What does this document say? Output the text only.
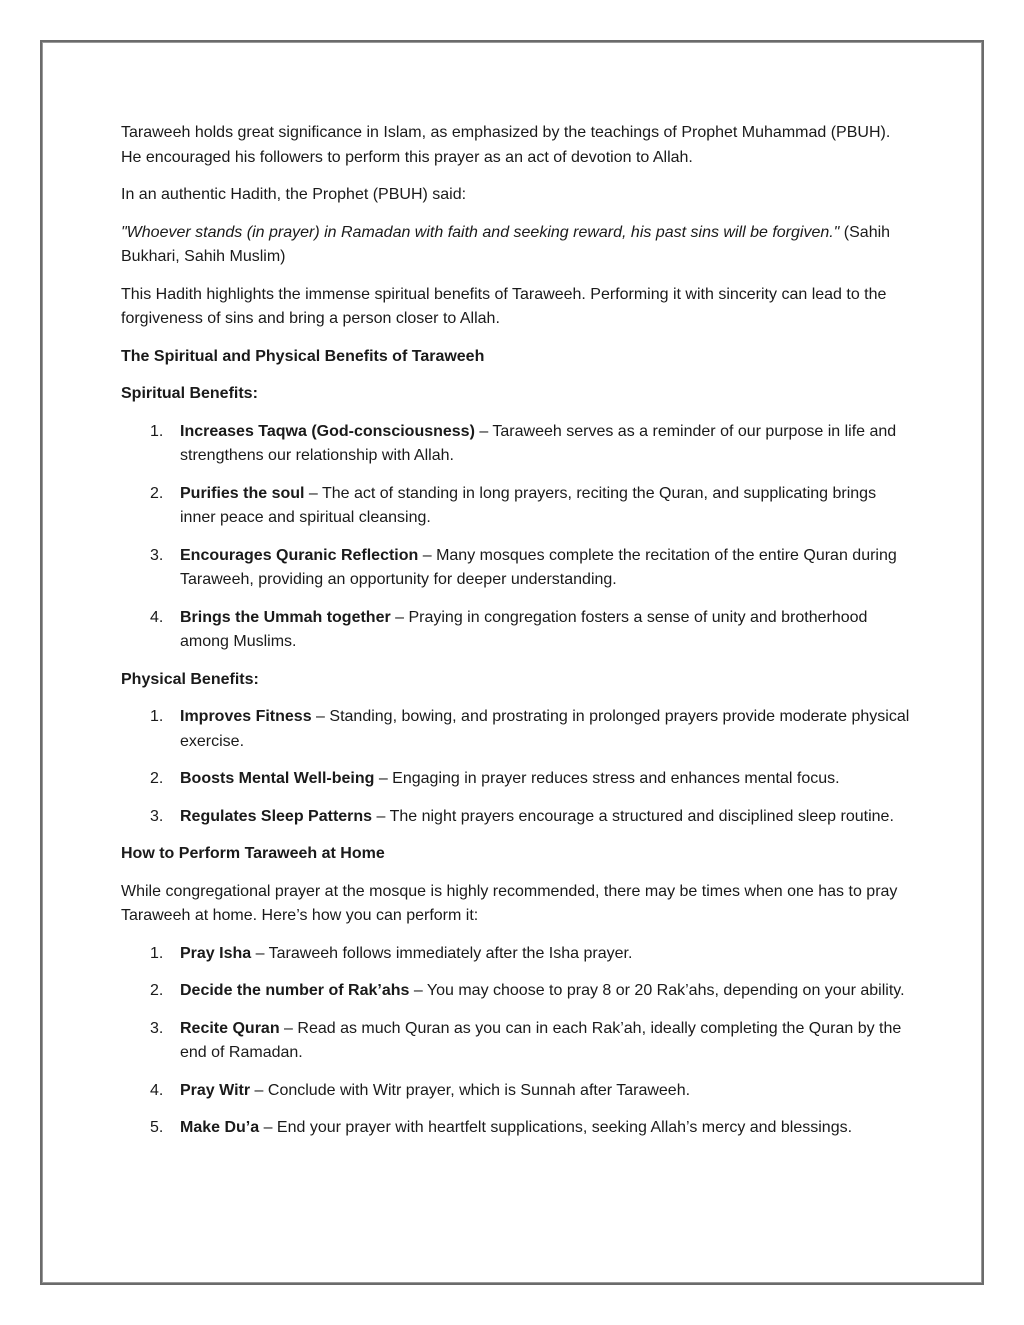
Taraweeh holds great significance in Islam, as emphasized by the teachings of Prophet Muhammad (PBUH). He encouraged his followers to perform this prayer as an act of devotion to Allah.

In an authentic Hadith, the Prophet (PBUH) said:

"Whoever stands (in prayer) in Ramadan with faith and seeking reward, his past sins will be forgiven." (Sahih Bukhari, Sahih Muslim)

This Hadith highlights the immense spiritual benefits of Taraweeh. Performing it with sincerity can lead to the forgiveness of sins and bring a person closer to Allah.

The Spiritual and Physical Benefits of Taraweeh
Spiritual Benefits:
1. Increases Taqwa (God-consciousness) – Taraweeh serves as a reminder of our purpose in life and strengthens our relationship with Allah.
2. Purifies the soul – The act of standing in long prayers, reciting the Quran, and supplicating brings inner peace and spiritual cleansing.
3. Encourages Quranic Reflection – Many mosques complete the recitation of the entire Quran during Taraweeh, providing an opportunity for deeper understanding.
4. Brings the Ummah together – Praying in congregation fosters a sense of unity and brotherhood among Muslims.
Physical Benefits:
1. Improves Fitness – Standing, bowing, and prostrating in prolonged prayers provide moderate physical exercise.
2. Boosts Mental Well-being – Engaging in prayer reduces stress and enhances mental focus.
3. Regulates Sleep Patterns – The night prayers encourage a structured and disciplined sleep routine.
How to Perform Taraweeh at Home

While congregational prayer at the mosque is highly recommended, there may be times when one has to pray Taraweeh at home. Here’s how you can perform it:

1. Pray Isha – Taraweeh follows immediately after the Isha prayer.
2. Decide the number of Rak’ahs – You may choose to pray 8 or 20 Rak’ahs, depending on your ability.
3. Recite Quran – Read as much Quran as you can in each Rak’ah, ideally completing the Quran by the end of Ramadan.
4. Pray Witr – Conclude with Witr prayer, which is Sunnah after Taraweeh.
5. Make Du’a – End your prayer with heartfelt supplications, seeking Allah’s mercy and blessings.
